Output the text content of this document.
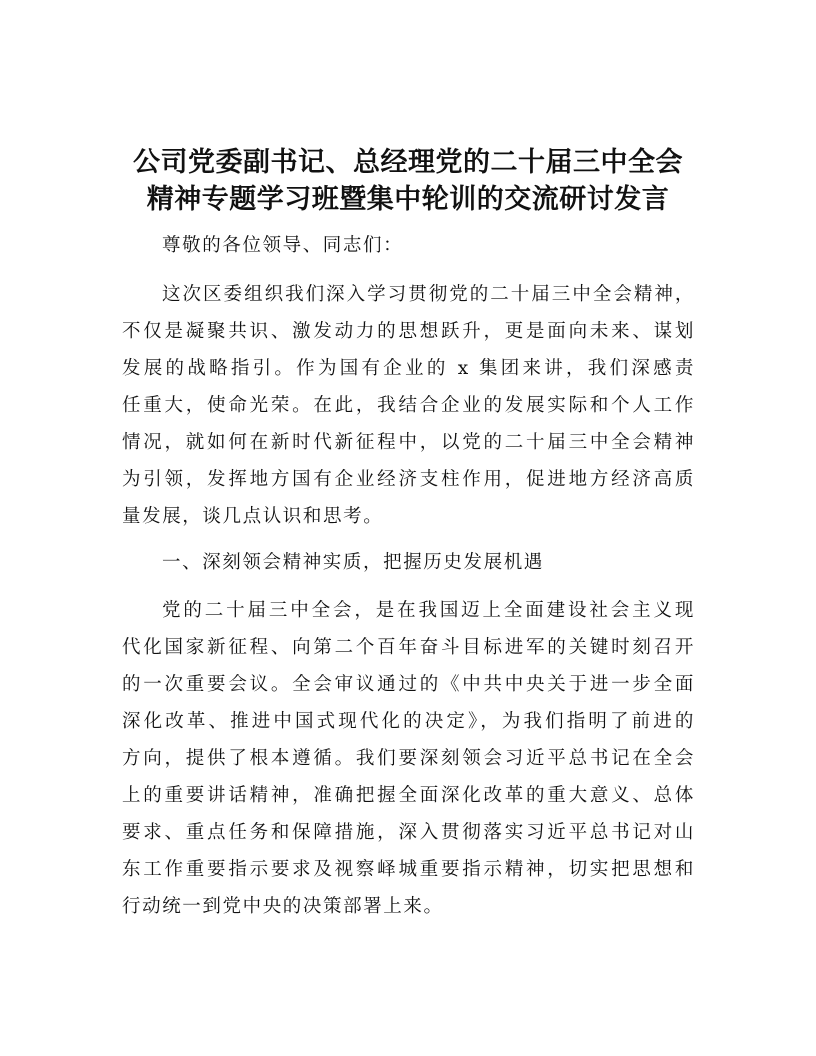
公司党委副书记、总经理党的二十届三中全会
精神专题学习班暨集中轮训的交流研讨发言

尊敬的各位领导、同志们：

这次区委组织我们深入学习贯彻党的二十届三中全会精神，
不仅是凝聚共识、激发动力的思想跃升，更是面向未来、谋划
发展的战略指引。作为国有企业的 x 集团来讲，我们深感责
任重大，使命光荣。在此，我结合企业的发展实际和个人工作
情况，就如何在新时代新征程中，以党的二十届三中全会精神
为引领，发挥地方国有企业经济支柱作用，促进地方经济高质
量发展，谈几点认识和思考。

一、深刻领会精神实质，把握历史发展机遇

党的二十届三中全会，是在我国迈上全面建设社会主义现
代化国家新征程、向第二个百年奋斗目标进军的关键时刻召开
的一次重要会议。全会审议通过的《中共中央关于进一步全面
深化改革、推进中国式现代化的决定》，为我们指明了前进的
方向，提供了根本遵循。我们要深刻领会习近平总书记在全会
上的重要讲话精神，准确把握全面深化改革的重大意义、总体
要求、重点任务和保障措施，深入贯彻落实习近平总书记对山
东工作重要指示要求及视察峄城重要指示精神，切实把思想和
行动统一到党中央的决策部署上来。
